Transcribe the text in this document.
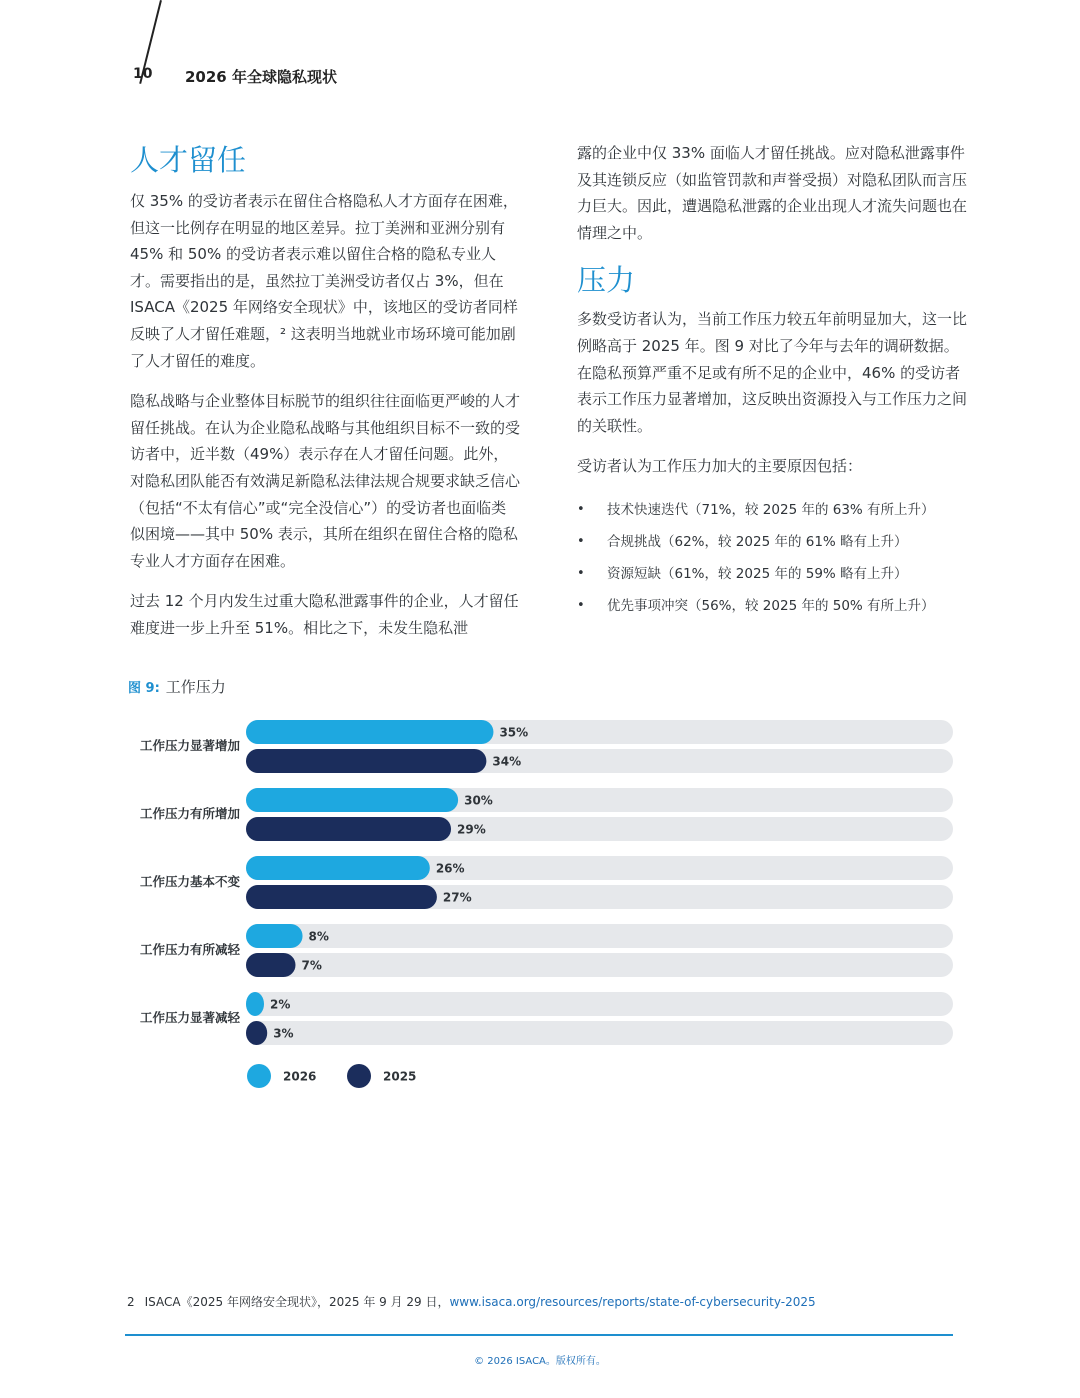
10 2026 年全球隐私现状
人才留任

仅 35% 的受访者表示在留住合格隐私人才方面存在困难，但这一比例存在明显的地区差异。拉丁美洲和亚洲分别有 45% 和 50% 的受访者表示难以留住合格的隐私专业人才。需要指出的是，虽然拉丁美洲受访者仅占 3%，但在 ISACA《2025 年网络安全现状》中，该地区的受访者同样反映了人才留任难题，² 这表明当地就业市场环境可能加剧了人才留任的难度。

隐私战略与企业整体目标脱节的组织往往面临更严峻的人才留任挑战。在认为企业隐私战略与其他组织目标不一致的受访者中，近半数（49%）表示存在人才留任问题。此外，对隐私团队能否有效满足新隐私法律法规合规要求缺乏信心（包括“不太有信心”或“完全没信心”）的受访者也面临类似困境——其中 50% 表示，其所在组织在留住合格的隐私专业人才方面存在困难。

过去 12 个月内发生过重大隐私泄露事件的企业，人才留任难度进一步上升至 51%。相比之下，未发生隐私泄

露的企业中仅 33% 面临人才留任挑战。应对隐私泄露事件及其连锁反应（如监管罚款和声誉受损）对隐私团队而言压力巨大。因此，遭遇隐私泄露的企业出现人才流失问题也在情理之中。

压力

多数受访者认为，当前工作压力较五年前明显加大，这一比例略高于 2025 年。图 9 对比了今年与去年的调研数据。在隐私预算严重不足或有所不足的企业中，46% 的受访者表示工作压力显著增加，这反映出资源投入与工作压力之间的关联性。

受访者认为工作压力加大的主要原因包括：

• 技术快速迭代（71%，较 2025 年的 63% 有所上升）
• 合规挑战（62%，较 2025 年的 61% 略有上升）
• 资源短缺（61%，较 2025 年的 59% 略有上升）
• 优先事项冲突（56%，较 2025 年的 50% 有所上升）
图 9: 工作压力
工作压力显著增加
35%
34%
工作压力有所增加
30%
29%
工作压力基本不变
26%
27%
工作压力有所减轻
8%
7%
工作压力显著减轻
2%
3%
2026	2025
2 ISACA《2025 年网络安全现状》，2025 年 9 月 29 日，www.isaca.org/resources/reports/state-of-cybersecurity-2025
© 2026 ISACA。版权所有。
